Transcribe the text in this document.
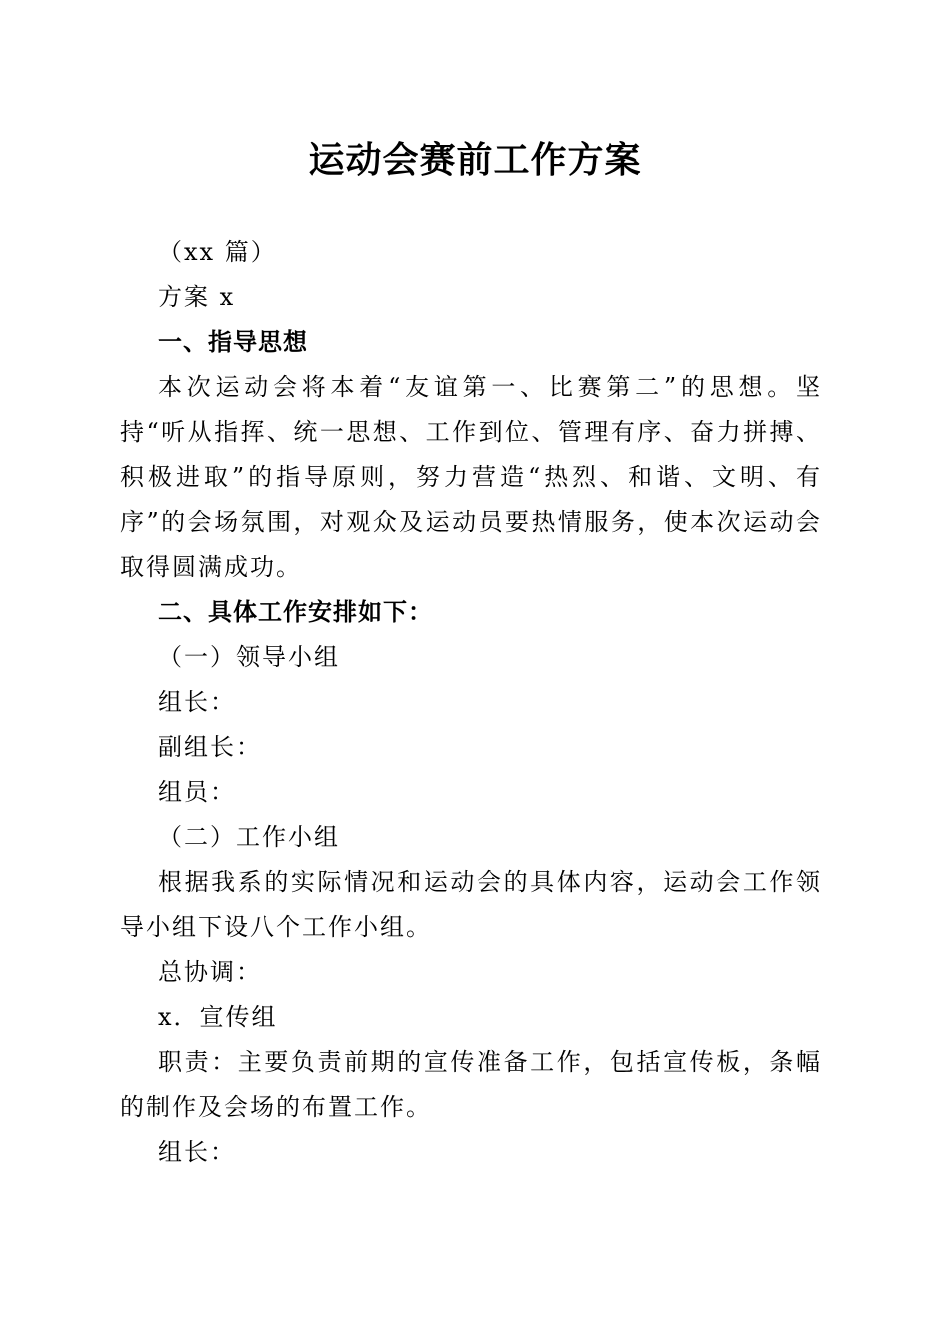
运动会赛前工作方案

（xx 篇）

方案 x

一、指导思想

本次运动会将本着“友谊第一、比赛第二”的思想。坚持“听从指挥、统一思想、工作到位、管理有序、奋力拼搏、积极进取”的指导原则，努力营造“热烈、和谐、文明、有序”的会场氛围，对观众及运动员要热情服务，使本次运动会取得圆满成功。

二、具体工作安排如下：

（一）领导小组

组长：

副组长：

组员：

（二）工作小组

根据我系的实际情况和运动会的具体内容，运动会工作领导小组下设八个工作小组。

总协调：

x．宣传组

职责：主要负责前期的宣传准备工作，包括宣传板，条幅的制作及会场的布置工作。

组长：
